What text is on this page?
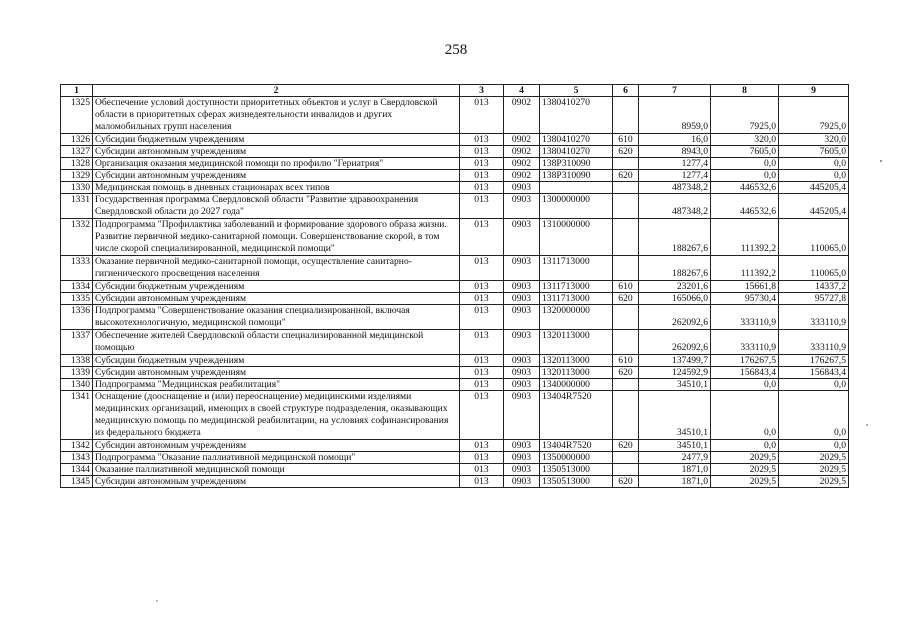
258
1	2	3	4	5	6	7	8	9
1325	Обеспечение условий доступности приоритетных объектов и услуг в Свердловской области в приоритетных сферах жизнедеятельности инвалидов и других маломобильных групп населения	013	0902	1380410270		8959,0	7925,0	7925,0
1326	Субсидии бюджетным учреждениям	013	0902	1380410270	610	16,0	320,0	320,0
1327	Субсидии автономным учреждениям	013	0902	1380410270	620	8943,0	7605,0	7605,0
1328	Организация оказания медицинской помощи по профилю "Гериатрия"	013	0902	138P310090		1277,4	0,0	0,0
1329	Субсидии автономным учреждениям	013	0902	138P310090	620	1277,4	0,0	0,0
1330	Медицинская помощь в дневных стационарах всех типов	013	0903			487348,2	446532,6	445205,4
1331	Государственная программа Свердловской области "Развитие здравоохранения Свердловской области до 2027 года"	013	0903	1300000000		487348,2	446532,6	445205,4
1332	Подпрограмма "Профилактика заболеваний и формирование здорового образа жизни. Развитие первичной медико-санитарной помощи. Совершенствование скорой, в том числе скорой специализированной, медицинской помощи"	013	0903	1310000000		188267,6	111392,2	110065,0
1333	Оказание первичной медико-санитарной помощи, осуществление санитарно-гигиенического просвещения населения	013	0903	1311713000		188267,6	111392,2	110065,0
1334	Субсидии бюджетным учреждениям	013	0903	1311713000	610	23201,6	15661,8	14337,2
1335	Субсидии автономным учреждениям	013	0903	1311713000	620	165066,0	95730,4	95727,8
1336	Подпрограмма "Совершенствование оказания специализированной, включая высокотехнологичную, медицинской помощи"	013	0903	1320000000		262092,6	333110,9	333110,9
1337	Обеспечение жителей Свердловской области специализированной медицинской помощью	013	0903	1320113000		262092,6	333110,9	333110,9
1338	Субсидии бюджетным учреждениям	013	0903	1320113000	610	137499,7	176267,5	176267,5
1339	Субсидии автономным учреждениям	013	0903	1320113000	620	124592,9	156843,4	156843,4
1340	Подпрограмма "Медицинская реабилитация"	013	0903	1340000000		34510,1	0,0	0,0
1341	Оснащение (дооснащение и (или) переоснащение) медицинскими изделиями медицинских организаций, имеющих в своей структуре подразделения, оказывающих медицинскую помощь по медицинской реабилитации, на условиях софинансирования из федерального бюджета	013	0903	13404R7520		34510,1	0,0	0,0
1342	Субсидии автономным учреждениям	013	0903	13404R7520	620	34510,1	0,0	0,0
1343	Подпрограмма "Оказание паллиативной медицинской помощи"	013	0903	1350000000		2477,9	2029,5	2029,5
1344	Оказание паллиативной медицинской помощи	013	0903	1350513000		1871,0	2029,5	2029,5
1345	Субсидии автономным учреждениям	013	0903	1350513000	620	1871,0	2029,5	2029,5
